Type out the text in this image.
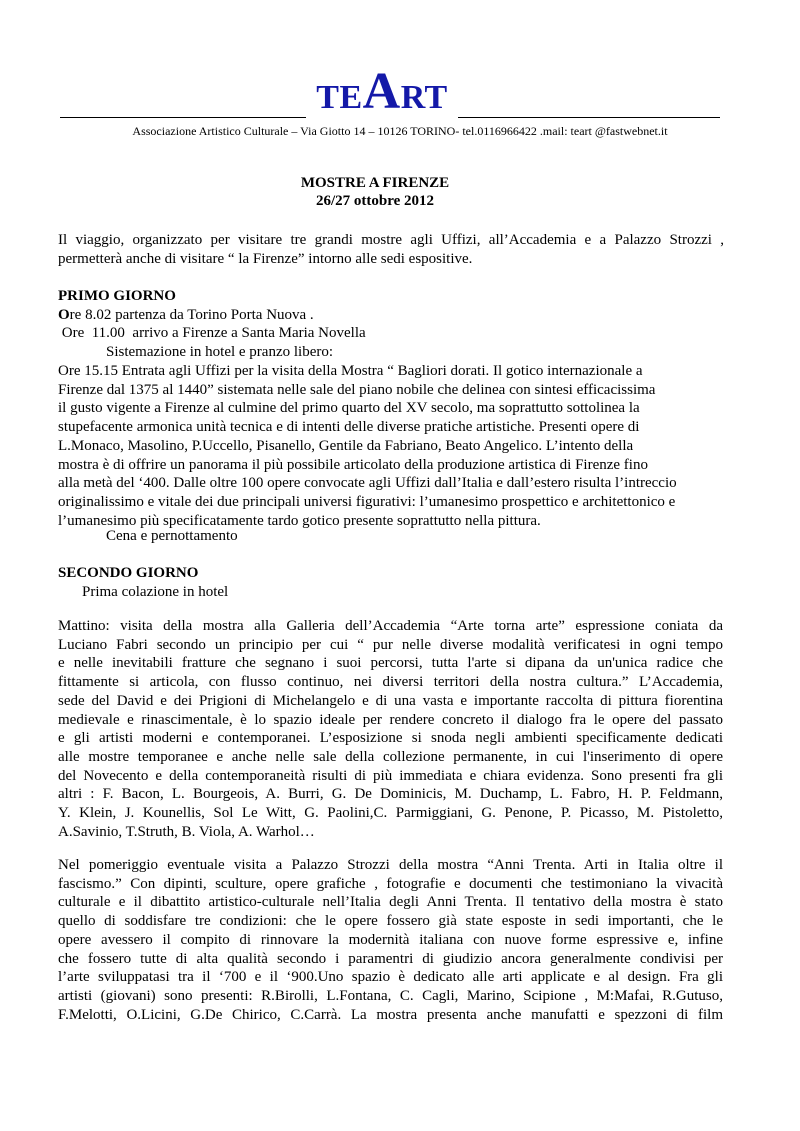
TEART
Associazione Artistico Culturale – Via Giotto 14 – 10126 TORINO- tel.0116966422 .mail: teart @fastwebnet.it
MOSTRE A FIRENZE
26/27 ottobre 2012
Il viaggio, organizzato per visitare tre grandi mostre agli Uffizi, all’Accademia e a Palazzo Strozzi ,
permetterà anche di visitare “ la Firenze” intorno alle sedi espositive.
PRIMO GIORNO
Ore 8.02 partenza da Torino Porta Nuova .
Ore  11.00  arrivo a Firenze a Santa Maria Novella
Sistemazione in hotel e pranzo libero:
Ore 15.15 Entrata agli Uffizi per la visita della Mostra “ Bagliori dorati. Il gotico internazionale a
Firenze dal 1375 al 1440” sistemata nelle sale del piano nobile che delinea con sintesi efficacissima
il gusto vigente a Firenze al culmine del primo quarto del XV secolo, ma soprattutto sottolinea la
stupefacente armonica unità tecnica e di intenti delle diverse pratiche artistiche. Presenti opere di
L.Monaco, Masolino, P.Uccello, Pisanello, Gentile da Fabriano, Beato Angelico. L’intento della
mostra è di offrire un panorama il più possibile articolato della produzione artistica di Firenze fino
alla metà del ‘400. Dalle oltre 100 opere convocate agli Uffizi dall’Italia e dall’estero risulta l’intreccio
originalissimo e vitale dei due principali universi figurativi: l’umanesimo prospettico e architettonico e
l’umanesimo più specificatamente tardo gotico presente soprattutto nella pittura.
Cena e pernottamento
SECONDO GIORNO
Prima colazione in hotel
Mattino: visita della mostra alla Galleria dell’Accademia “Arte torna arte” espressione coniata da
Luciano Fabri secondo un principio per cui “ pur nelle diverse modalità verificatesi in ogni tempo
e nelle inevitabili fratture che segnano i suoi percorsi, tutta l'arte si dipana da un'unica radice che
fittamente si articola, con flusso continuo, nei diversi territori della nostra cultura.” L’Accademia,
sede del David e dei Prigioni di Michelangelo e di una vasta e importante raccolta di pittura fiorentina
medievale e rinascimentale, è lo spazio ideale per rendere concreto il dialogo fra le opere del passato
e gli artisti moderni e contemporanei. L’esposizione si snoda negli ambienti specificamente dedicati
alle mostre temporanee e anche nelle sale della collezione permanente, in cui l'inserimento di opere
del Novecento e della contemporaneità risulti di più immediata e chiara evidenza. Sono presenti fra gli
altri : F. Bacon, L. Bourgeois, A. Burri, G. De Dominicis, M. Duchamp, L. Fabro, H. P. Feldmann,
Y. Klein, J. Kounellis, Sol Le Witt, G. Paolini,C. Parmiggiani, G. Penone, P. Picasso, M. Pistoletto,
A.Savinio, T.Struth, B. Viola, A. Warhol…
Nel pomeriggio eventuale visita a Palazzo Strozzi della mostra “Anni Trenta. Arti in Italia oltre il
fascismo.” Con dipinti, sculture, opere grafiche , fotografie e documenti che testimoniano la vivacità
culturale e il dibattito artistico-culturale nell’Italia degli Anni Trenta. Il tentativo della mostra è stato
quello di soddisfare tre condizioni: che le opere fossero già state esposte in sedi importanti, che le
opere avessero il compito di rinnovare la modernità italiana con nuove forme espressive e, infine
che fossero tutte di alta qualità secondo i paramentri di giudizio ancora generalmente condivisi per
l’arte sviluppatasi tra il ‘700 e il ‘900.Uno spazio è dedicato alle arti applicate e al design. Fra gli
artisti (giovani) sono presenti: R.Birolli, L.Fontana, C. Cagli, Marino, Scipione , M:Mafai, R.Gutuso,
F.Melotti, O.Licini, G.De Chirico, C.Carrà. La mostra presenta anche manufatti e spezzoni di film
